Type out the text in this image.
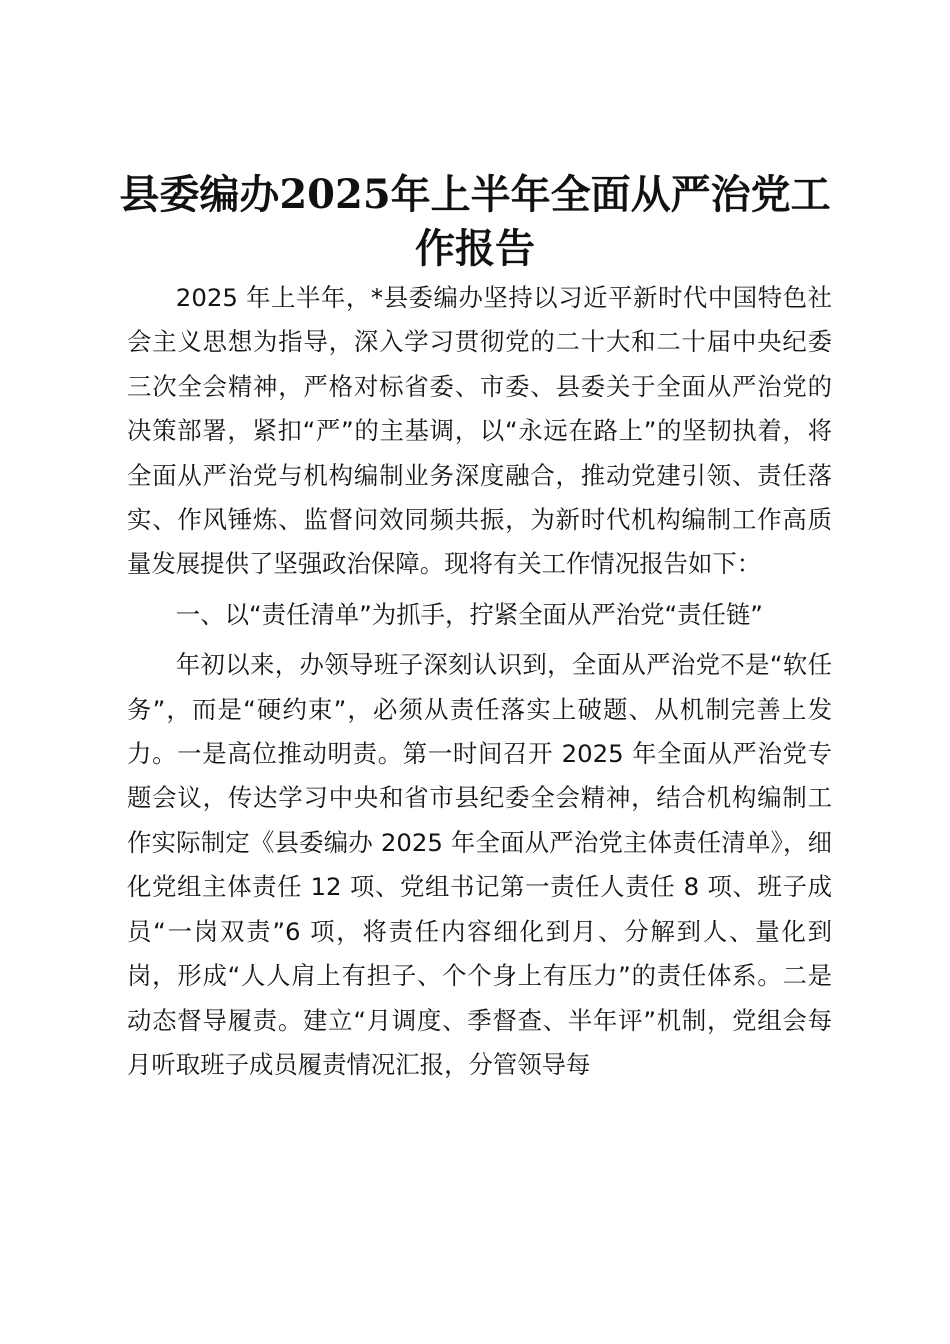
县委编办2025年上半年全面从严治党工作报告

2025 年上半年，*县委编办坚持以习近平新时代中国特色社会主义思想为指导，深入学习贯彻党的二十大和二十届中央纪委三次全会精神，严格对标省委、市委、县委关于全面从严治党的决策部署，紧扣“严”的主基调，以“永远在路上”的坚韧执着，将全面从严治党与机构编制业务深度融合，推动党建引领、责任落实、作风锤炼、监督问效同频共振，为新时代机构编制工作高质量发展提供了坚强政治保障。现将有关工作情况报告如下：

一、以“责任清单”为抓手，拧紧全面从严治党“责任链”

年初以来，办领导班子深刻认识到，全面从严治党不是“软任务”，而是“硬约束”，必须从责任落实上破题、从机制完善上发力。一是高位推动明责。第一时间召开 2025 年全面从严治党专题会议，传达学习中央和省市县纪委全会精神，结合机构编制工作实际制定《县委编办 2025 年全面从严治党主体责任清单》，细化党组主体责任 12 项、党组书记第一责任人责任 8 项、班子成员“一岗双责”6 项，将责任内容细化到月、分解到人、量化到岗，形成“人人肩上有担子、个个身上有压力”的责任体系。二是动态督导履责。建立“月调度、季督查、半年评”机制，党组会每月听取班子成员履责情况汇报，分管领导每
